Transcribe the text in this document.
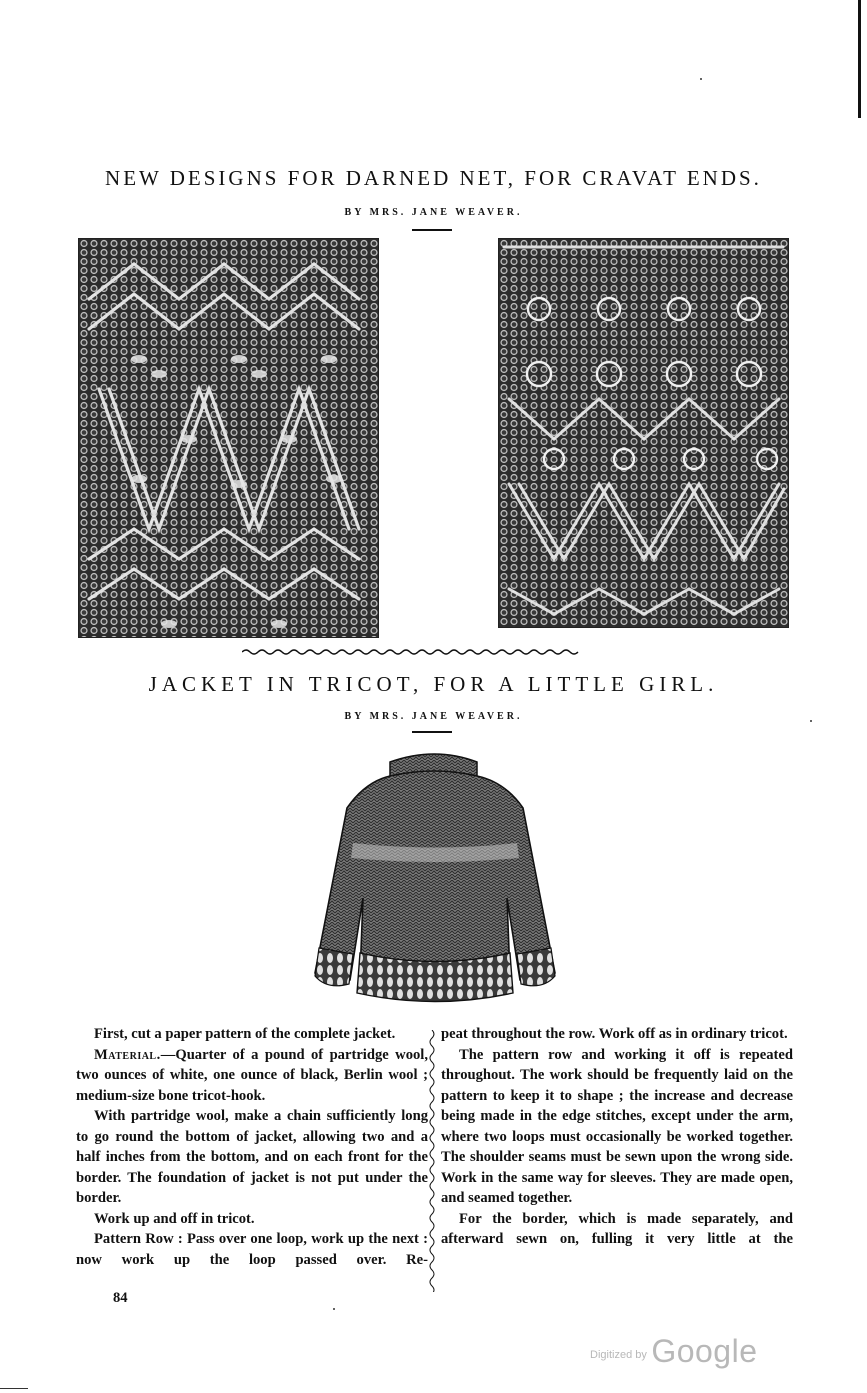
NEW DESIGNS FOR DARNED NET, FOR CRAVAT ENDS.
BY MRS. JANE WEAVER.
JACKET IN TRICOT, FOR A LITTLE GIRL.
BY MRS. JANE WEAVER.

First, cut a paper pattern of the complete jacket.

Material.—Quarter of a pound of partridge wool, two ounces of white, one ounce of black, Berlin wool ; medium-size bone tricot-hook.

With partridge wool, make a chain sufficiently long to go round the bottom of jacket, allowing two and a half inches from the bottom, and on each front for the border. The foundation of jacket is not put under the border.

Work up and off in tricot.

Pattern Row : Pass over one loop, work up the next : now work up the loop passed over. Re-

peat throughout the row. Work off as in ordinary tricot.

The pattern row and working it off is repeated throughout. The work should be frequently laid on the pattern to keep it to shape ; the increase and decrease being made in the edge stitches, except under the arm, where two loops must occasionally be worked together. The shoulder seams must be sewn upon the wrong side. Work in the same way for sleeves. They are made open, and seamed together.

For the border, which is made separately, and afterward sewn on, fulling it very little at the

84
$^{Digitized by}$ Google
